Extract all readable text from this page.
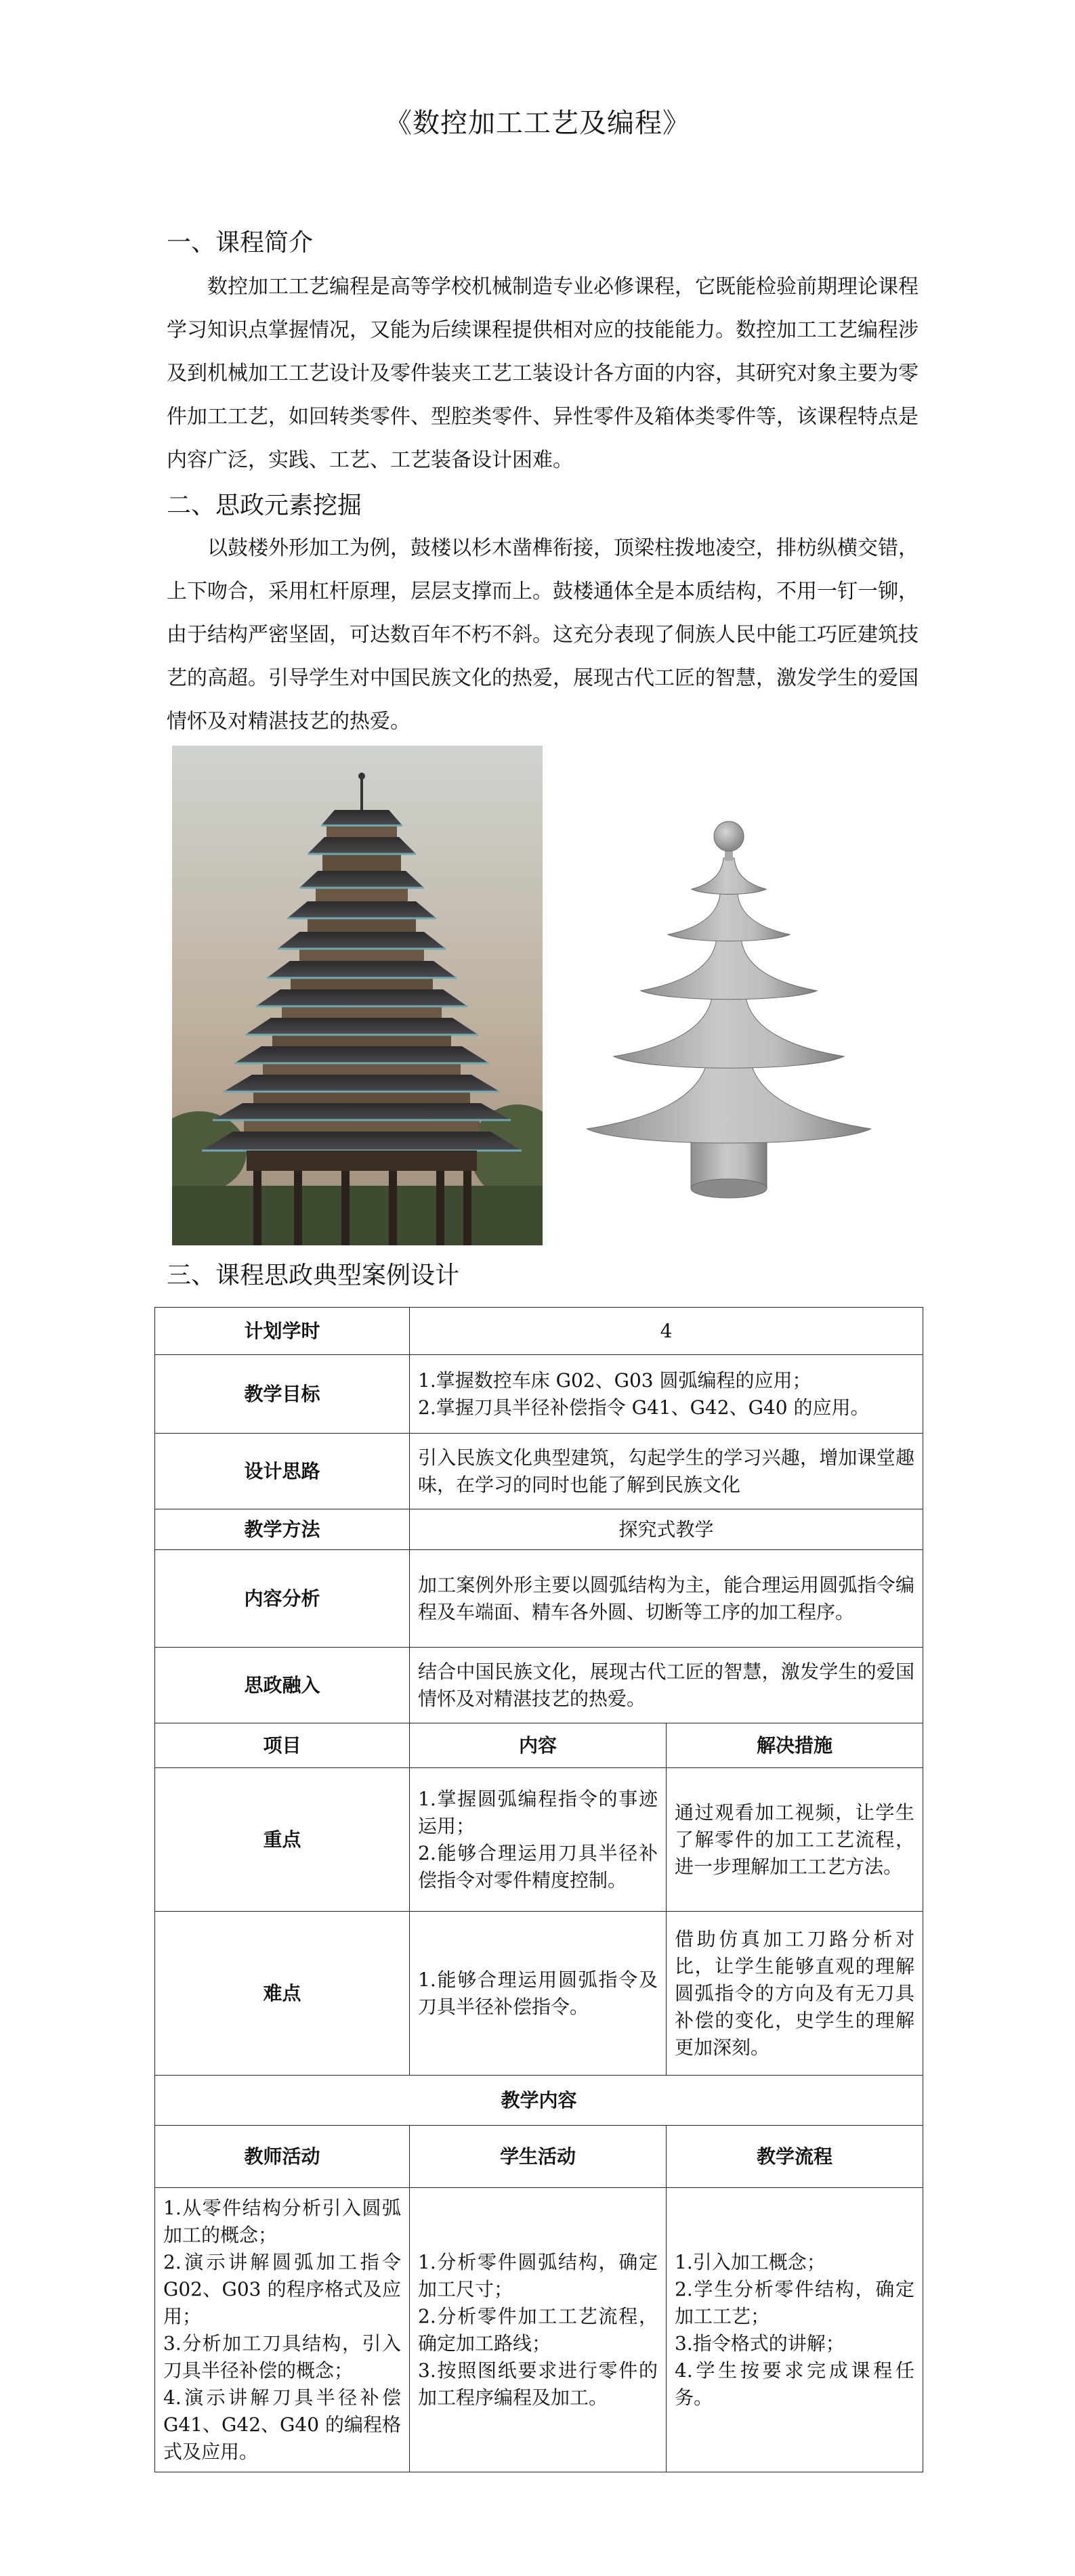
《数控加工工艺及编程》
一、课程简介

数控加工工艺编程是高等学校机械制造专业必修课程，它既能检验前期理论课程学习知识点掌握情况，又能为后续课程提供相对应的技能能力。数控加工工艺编程涉及到机械加工工艺设计及零件装夹工艺工装设计各方面的内容，其研究对象主要为零件加工工艺，如回转类零件、型腔类零件、异性零件及箱体类零件等，该课程特点是内容广泛，实践、工艺、工艺装备设计困难。

二、思政元素挖掘

以鼓楼外形加工为例，鼓楼以杉木凿榫衔接，顶梁柱拨地凌空，排枋纵横交错，上下吻合，采用杠杆原理，层层支撑而上。鼓楼通体全是本质结构，不用一钉一铆，由于结构严密坚固，可达数百年不朽不斜。这充分表现了侗族人民中能工巧匠建筑技艺的高超。引导学生对中国民族文化的热爱，展现古代工匠的智慧，激发学生的爱国情怀及对精湛技艺的热爱。

三、课程思政典型案例设计
计划学时	4	
教学目标	1.掌握数控车床 G02、G03 圆弧编程的应用；
2.掌握刀具半径补偿指令 G41、G42、G40 的应用。	
设计思路	引入民族文化典型建筑，勾起学生的学习兴趣，增加课堂趣味，在学习的同时也能了解到民族文化	
教学方法	探究式教学	
内容分析	加工案例外形主要以圆弧结构为主，能合理运用圆弧指令编程及车端面、精车各外圆、切断等工序的加工程序。	
思政融入	结合中国民族文化，展现古代工匠的智慧，激发学生的爱国情怀及对精湛技艺的热爱。	
项目	内容	解决措施
重点	1.掌握圆弧编程指令的事迹运用；
2.能够合理运用刀具半径补偿指令对零件精度控制。	通过观看加工视频，让学生了解零件的加工工艺流程，进一步理解加工工艺方法。
难点	1.能够合理运用圆弧指令及刀具半径补偿指令。	借助仿真加工刀路分析对比，让学生能够直观的理解圆弧指令的方向及有无刀具补偿的变化，史学生的理解更加深刻。
教学内容		
教师活动	学生活动	教学流程
1.从零件结构分析引入圆弧加工的概念；
2.演示讲解圆弧加工指令 G02、G03 的程序格式及应用；
3.分析加工刀具结构，引入刀具半径补偿的概念；
4.演示讲解刀具半径补偿 G41、G42、G40 的编程格式及应用。	1.分析零件圆弧结构，确定加工尺寸；
2.分析零件加工工艺流程，确定加工路线；
3.按照图纸要求进行零件的加工程序编程及加工。	1.引入加工概念；
2.学生分析零件结构，确定加工工艺；
3.指令格式的讲解；
4.学生按要求完成课程任务。
